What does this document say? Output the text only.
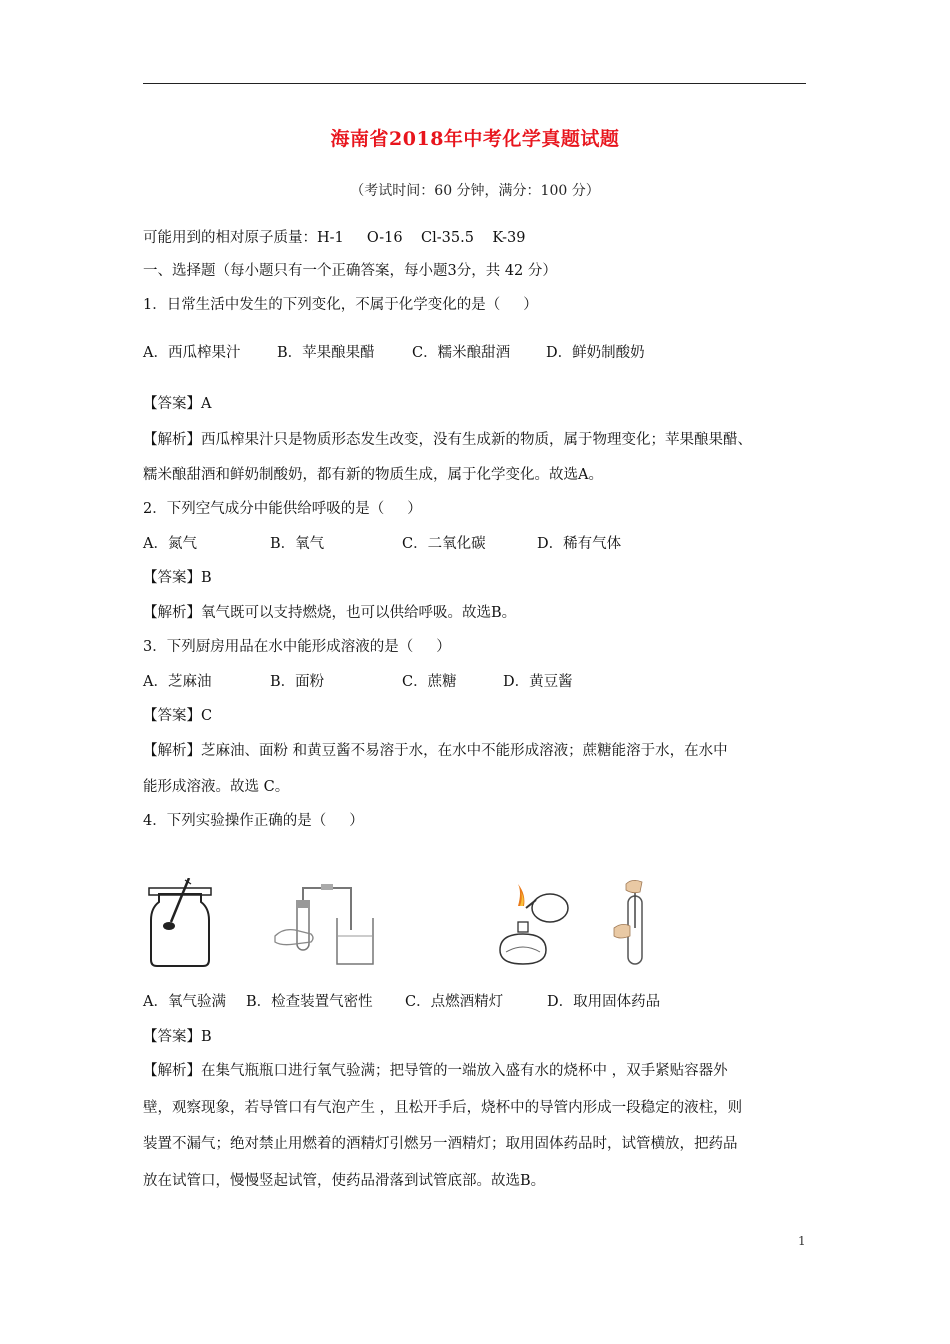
海南省2018年中考化学真题试题
（考试时间：60 分钟，满分：100 分）
可能用到的相对原子质量：H-1     O-16    Cl-35.5    K-39
一、选择题（每小题只有一个正确答案，每小题3分，共 42 分）
1．日常生活中发生的下列变化，不属于化学变化的是（     ）
A．西瓜榨果汁	B．苹果酿果醋	C．糯米酿甜酒 D．鲜奶制酸奶
【答案】A
【解析】西瓜榨果汁只是物质形态发生改变，没有生成新的物质，属于物理变化；苹果酿果醋、
糯米酿甜酒和鲜奶制酸奶，都有新的物质生成，属于化学变化。故选A。
2．下列空气成分中能供给呼吸的是（     ）
A．氮气	B．氧气	C．二氧化碳	D．稀有气体
【答案】B
【解析】氧气既可以支持燃烧，也可以供给呼吸。故选B。
3．下列厨房用品在水中能形成溶液的是（     ）
A．芝麻油	B．面粉	C．蔗糖	D．黄豆酱
【答案】C
【解析】芝麻油、面粉 和黄豆酱不易溶于水，在水中不能形成溶液；蔗糖能溶于水，在水中
能形成溶液。故选 C。
4．下列实验操作正确的是（     ）
A．氧气验满 B．检查装置气密性 C．点燃酒精灯	D．取用固体药品
【答案】B
【解析】在集气瓶瓶口进行氧气验满；把导管的一端放入盛有水的烧杯中 ，双手紧贴容器外
壁，观察现象，若导管口有气泡产生 ，且松开手后，烧杯中的导管内形成一段稳定的液柱，则
装置不漏气；绝对禁止用燃着的酒精灯引燃另一酒精灯；取用固体药品时，试管横放，把药品
放在试管口，慢慢竖起试管，使药品滑落到试管底部。故选B。
1
